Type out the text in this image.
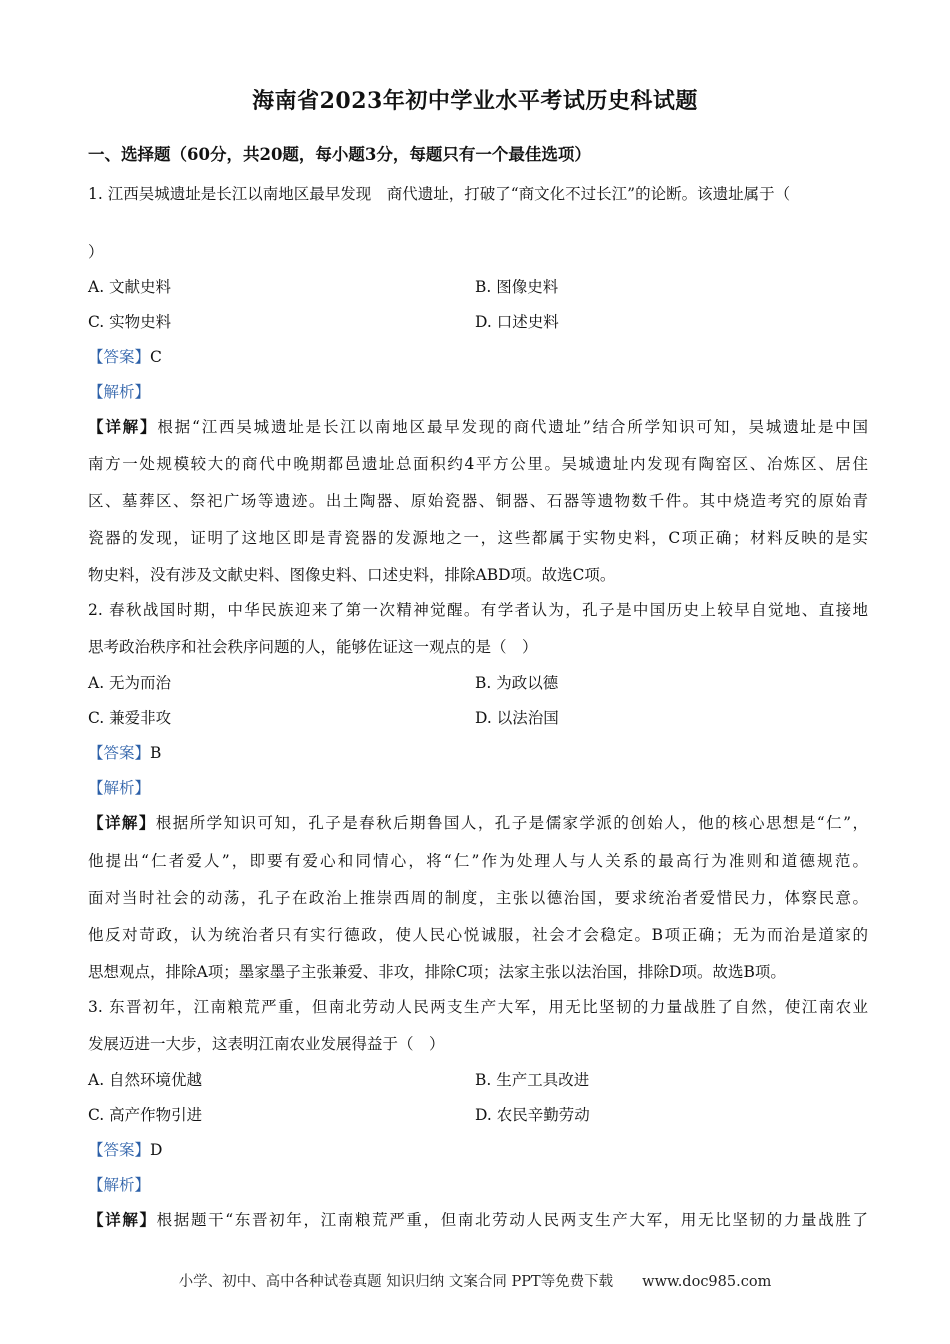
海南省2023年初中学业水平考试历史科试题
一、选择题（60分，共20题，每小题3分，每题只有一个最佳选项）
1. 江西吴城遗址是长江以南地区最早发现　商代遗址，打破了“商文化不过长江”的论断。该遗址属于（
）
A. 文献史料	B. 图像史料
C. 实物史料	D. 口述史料
【答案】C
【解析】
【详解】根据“江西吴城遗址是长江以南地区最早发现的商代遗址”结合所学知识可知，吴城遗址是中国
南方一处规模较大的商代中晚期都邑遗址总面积约4平方公里。吴城遗址内发现有陶窑区、冶炼区、居住
区、墓葬区、祭祀广场等遗迹。出土陶器、原始瓷器、铜器、石器等遗物数千件。其中烧造考究的原始青
瓷器的发现，证明了这地区即是青瓷器的发源地之一，这些都属于实物史料，C项正确；材料反映的是实
物史料，没有涉及文献史料、图像史料、口述史料，排除ABD项。故选C项。
2. 春秋战国时期，中华民族迎来了第一次精神觉醒。有学者认为，孔子是中国历史上较早自觉地、直接地
思考政治秩序和社会秩序问题的人，能够佐证这一观点的是（　）
A. 无为而治	B. 为政以德
C. 兼爱非攻	D. 以法治国
【答案】B
【解析】
【详解】根据所学知识可知，孔子是春秋后期鲁国人，孔子是儒家学派的创始人，他的核心思想是“仁”，
他提出“仁者爱人”，即要有爱心和同情心，将“仁”作为处理人与人关系的最高行为准则和道德规范。
面对当时社会的动荡，孔子在政治上推崇西周的制度，主张以德治国，要求统治者爱惜民力，体察民意。
他反对苛政，认为统治者只有实行德政，使人民心悦诚服，社会才会稳定。B项正确；无为而治是道家的
思想观点，排除A项；墨家墨子主张兼爱、非攻，排除C项；法家主张以法治国，排除D项。故选B项。
3. 东晋初年，江南粮荒严重，但南北劳动人民两支生产大军，用无比坚韧的力量战胜了自然，使江南农业
发展迈进一大步，这表明江南农业发展得益于（　）
A. 自然环境优越	B. 生产工具改进
C. 高产作物引进	D. 农民辛勤劳动
【答案】D
【解析】
【详解】根据题干“东晋初年，江南粮荒严重，但南北劳动人民两支生产大军，用无比坚韧的力量战胜了
小学、初中、高中各种试卷真题 知识归纳 文案合同 PPT等免费下载　　www.doc985.com
